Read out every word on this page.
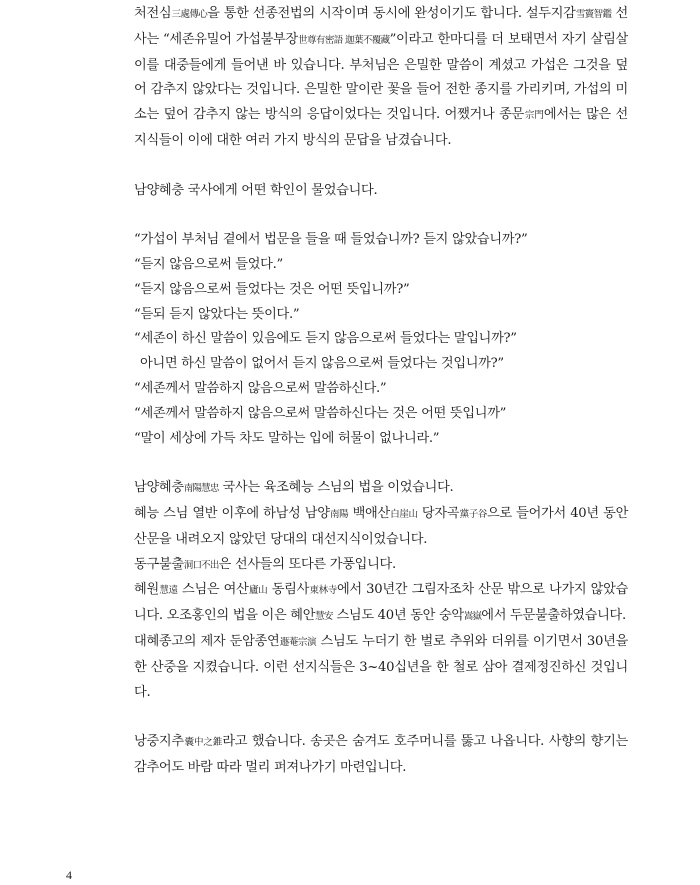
처전심三處傳心을 통한 선종전법의 시작이며 동시에 완성이기도 합니다. 설두지감雪竇智鑑 선사는 “세존유밀어 가섭불부장世尊有密語 迦葉不覆藏”이라고 한마디를 더 보태면서 자기 살림살이를 대중들에게 들어낸 바 있습니다. 부처님은 은밀한 말씀이 계셨고 가섭은 그것을 덮어 감추지 않았다는 것입니다. 은밀한 말이란 꽃을 들어 전한 종지를 가리키며, 가섭의 미소는 덮어 감추지 않는 방식의 응답이었다는 것입니다. 어쨌거나 종문宗門에서는 많은 선지식들이 이에 대한 여러 가지 방식의 문답을 남겼습니다.

남양혜충 국사에게 어떤 학인이 물었습니다.

“가섭이 부처님 곁에서 법문을 들을 때 들었습니까? 듣지 않았습니까?”

“듣지 않음으로써 들었다.”

“듣지 않음으로써 들었다는 것은 어떤 뜻입니까?”

“듣되 듣지 않았다는 뜻이다.”

“세존이 하신 말씀이 있음에도 듣지 않음으로써 들었다는 말입니까?”

아니면 하신 말씀이 없어서 듣지 않음으로써 들었다는 것입니까?”

“세존께서 말씀하지 않음으로써 말씀하신다.”

“세존께서 말씀하지 않음으로써 말씀하신다는 것은 어떤 뜻입니까”

“말이 세상에 가득 차도 말하는 입에 허물이 없나니라.”

남양혜충南陽慧忠 국사는 육조혜능 스님의 법을 이었습니다.

혜능 스님 열반 이후에 하남성 남양南陽 백애산白崖山 당자곡黨子谷으로 들어가서 40년 동안 산문을 내려오지 않았던 당대의 대선지식이었습니다.

동구불출洞口不出은 선사들의 또다른 가풍입니다.

혜원慧遠 스님은 여산廬山 동림사東林寺에서 30년간 그림자조차 산문 밖으로 나가지 않았습니다. 오조홍인의 법을 이은 혜안慧安 스님도 40년 동안 숭악嵩嶽에서 두문불출하였습니다.

대혜종고의 제자 둔암종연遯菴宗演 스님도 누더기 한 벌로 추위와 더위를 이기면서 30년을 한 산중을 지켰습니다. 이런 선지식들은 3~40십년을 한 철로 삼아 결제정진하신 것입니다.

낭중지추囊中之錐라고 했습니다. 송곳은 숨겨도 호주머니를 뚫고 나옵니다. 사향의 향기는 감추어도 바람 따라 멀리 퍼져나가기 마련입니다.

4
